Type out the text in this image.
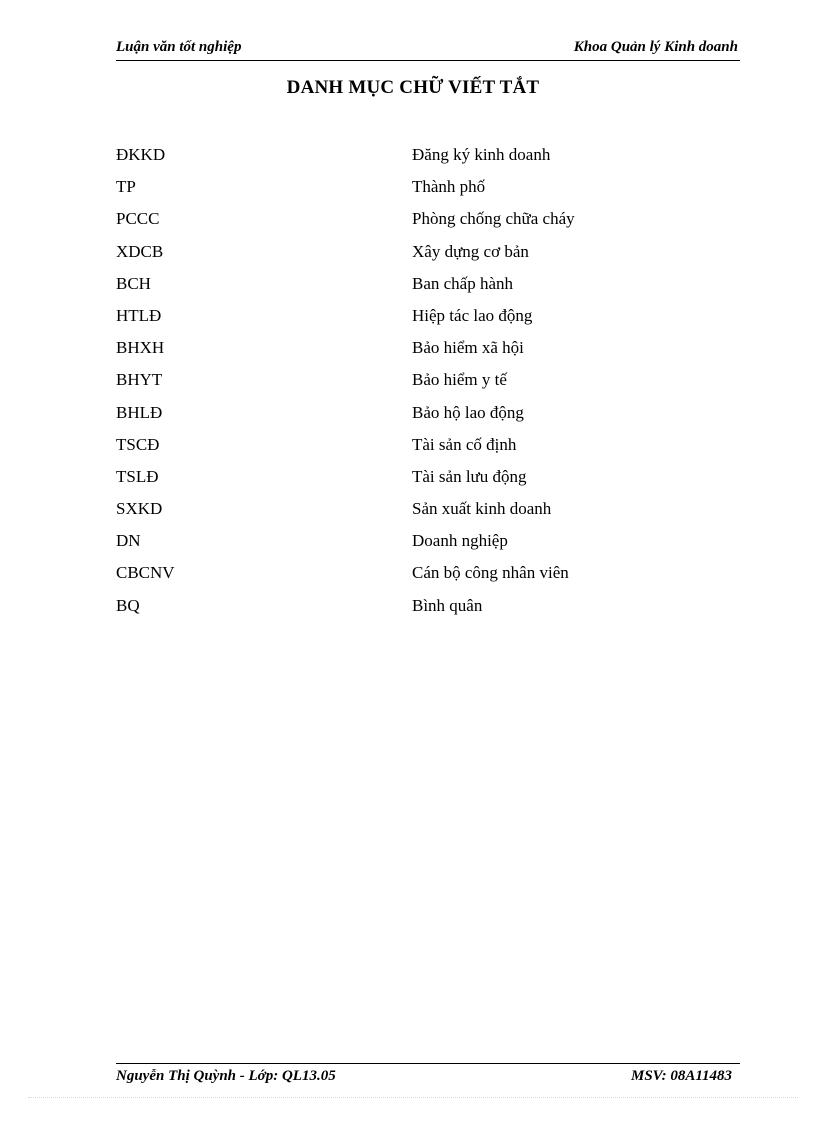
Luận văn tốt nghiệp	Khoa Quản lý Kinh doanh
DANH MỤC CHỮ VIẾT TẮT
ĐKKD	Đăng ký kinh doanh
TP	Thành phố
PCCC	Phòng chống chữa cháy
XDCB	Xây dựng cơ bản
BCH	Ban chấp hành
HTLĐ	Hiệp tác lao động
BHXH	Bảo hiểm xã hội
BHYT	Bảo hiểm y tế
BHLĐ	Bảo hộ lao động
TSCĐ	Tài sản cố định
TSLĐ	Tài sản lưu động
SXKD	Sản xuất kinh doanh
DN	Doanh nghiệp
CBCNV	Cán bộ công nhân viên
BQ	Bình quân
Nguyễn Thị Quỳnh - Lớp: QL13.05	MSV: 08A11483
